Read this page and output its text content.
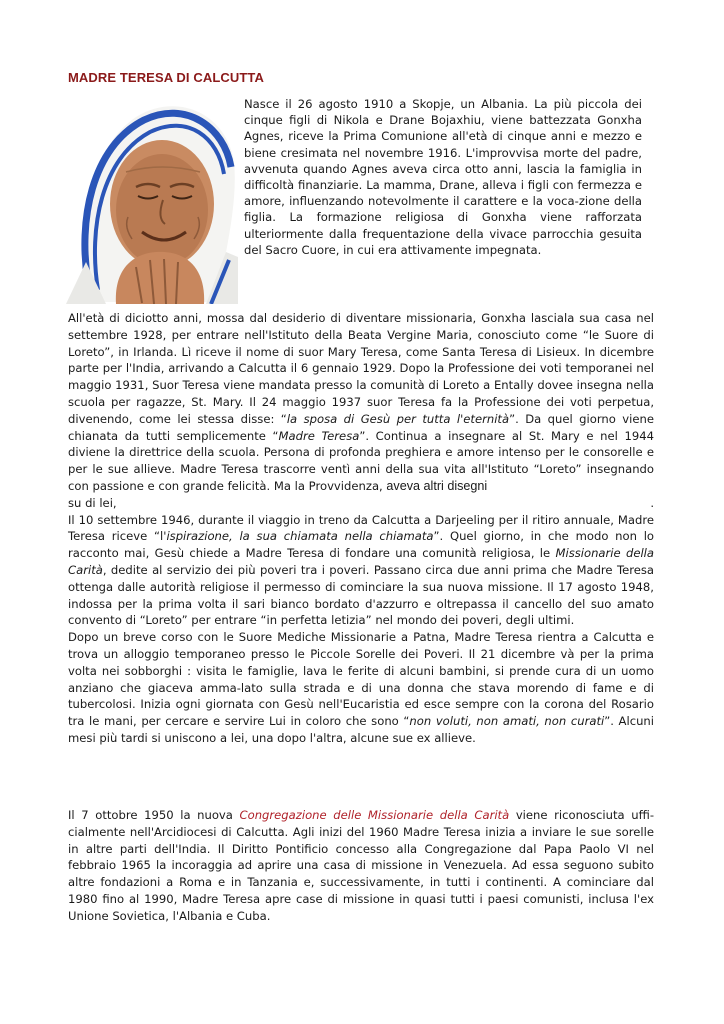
MADRE TERESA DI CALCUTTA
Nasce il 26 agosto 1910 a Skopje, un Albania. La più piccola dei cinque figli di Nikola e Drane Bojaxhiu, viene battezzata Gonxha Agnes, riceve la Prima Comunione all'età di cinque anni e mezzo e biene cresimata nel novembre 1916. L'improvvisa morte del padre, avvenuta quando Agnes aveva circa otto anni, lascia la famiglia in difficoltà finanziarie. La mamma, Drane, alleva i figli con fermezza e amore, influenzando notevolmente il carattere e la voca-zione della figlia. La formazione religiosa di Gonxha viene rafforzata ulteriormente dalla frequentazione della vivace parrocchia gesuita del Sacro Cuore, in cui era attivamente impegnata.

All'età di diciotto anni, mossa dal desiderio di diventare missionaria, Gonxha lasciala sua casa nel settembre 1928, per entrare nell'Istituto della Beata Vergine Maria, conosciuto come “le Suore di Loreto”, in Irlanda. Lì riceve il nome di suor Mary Teresa, come Santa Teresa di Lisieux. In dicembre parte per l'India, arrivando a Calcutta il 6 gennaio 1929. Dopo la Professione dei voti temporanei nel maggio 1931, Suor Teresa viene mandata presso la comunità di Loreto a Entally dovee insegna nella scuola per ragazze, St. Mary. Il 24 maggio 1937 suor Teresa fa la Professione dei voti perpetua, divenendo, come lei stessa disse: “la sposa di Gesù per tutta l'eternità”. Da quel giorno viene chianata da tutti semplicemente “Madre Teresa”. Continua a insegnare al St. Mary e nel 1944 diviene la direttrice della scuola. Persona di profonda preghiera e amore intenso per le consorelle e per le sue allieve. Madre Teresa trascorre ventì anni della sua vita all'Istituto “Loreto” insegnando con passione e con grande felicità. Ma la Provvidenza, aveva altri disegni

su di lei,	.

Il 10 settembre 1946, durante il viaggio in treno da Calcutta a Darjeeling per il ritiro annuale, Madre Teresa riceve “l'ispirazione, la sua chiamata nella chiamata”. Quel giorno, in che modo non lo racconto mai, Gesù chiede a Madre Teresa di fondare una comunità religiosa, le Missionarie della Carità, dedite al servizio dei più poveri tra i poveri. Passano circa due anni prima che Madre Teresa ottenga dalle autorità religiose il permesso di cominciare la sua nuova missione. Il 17 agosto 1948, indossa per la prima volta il sari bianco bordato d'azzurro e oltrepassa il cancello del suo amato convento di “Loreto” per entrare “in perfetta letizia” nel mondo dei poveri, degli ultimi.

Dopo un breve corso con le Suore Mediche Missionarie a Patna, Madre Teresa rientra a Calcutta e trova un alloggio temporaneo presso le Piccole Sorelle dei Poveri. Il 21 dicembre và per la prima volta nei sobborghi : visita le famiglie, lava le ferite di alcuni bambini, si prende cura di un uomo anziano che giaceva amma-lato sulla strada e di una donna che stava morendo di fame e di tubercolosi. Inizia ogni giornata con Gesù nell'Eucaristia ed esce sempre con la corona del Rosario tra le mani, per cercare e servire Lui in coloro che sono “non voluti, non amati, non curati”. Alcuni mesi più tardi si uniscono a lei, una dopo l'altra, alcune sue ex allieve.

Il 7 ottobre 1950 la nuova Congregazione delle Missionarie della Carità viene riconosciuta uffi-cialmente nell'Arcidiocesi di Calcutta. Agli inizi del 1960 Madre Teresa inizia a inviare le sue sorelle in altre parti dell'India. Il Diritto Pontificio concesso alla Congregazione dal Papa Paolo VI nel febbraio 1965 la incoraggia ad aprire una casa di missione in Venezuela. Ad essa seguono subito altre fondazioni a Roma e in Tanzania e, successivamente, in tutti i continenti. A cominciare dal 1980 fino al 1990, Madre Teresa apre case di missione in quasi tutti i paesi comunisti, inclusa l'ex Unione Sovietica, l'Albania e Cuba.
